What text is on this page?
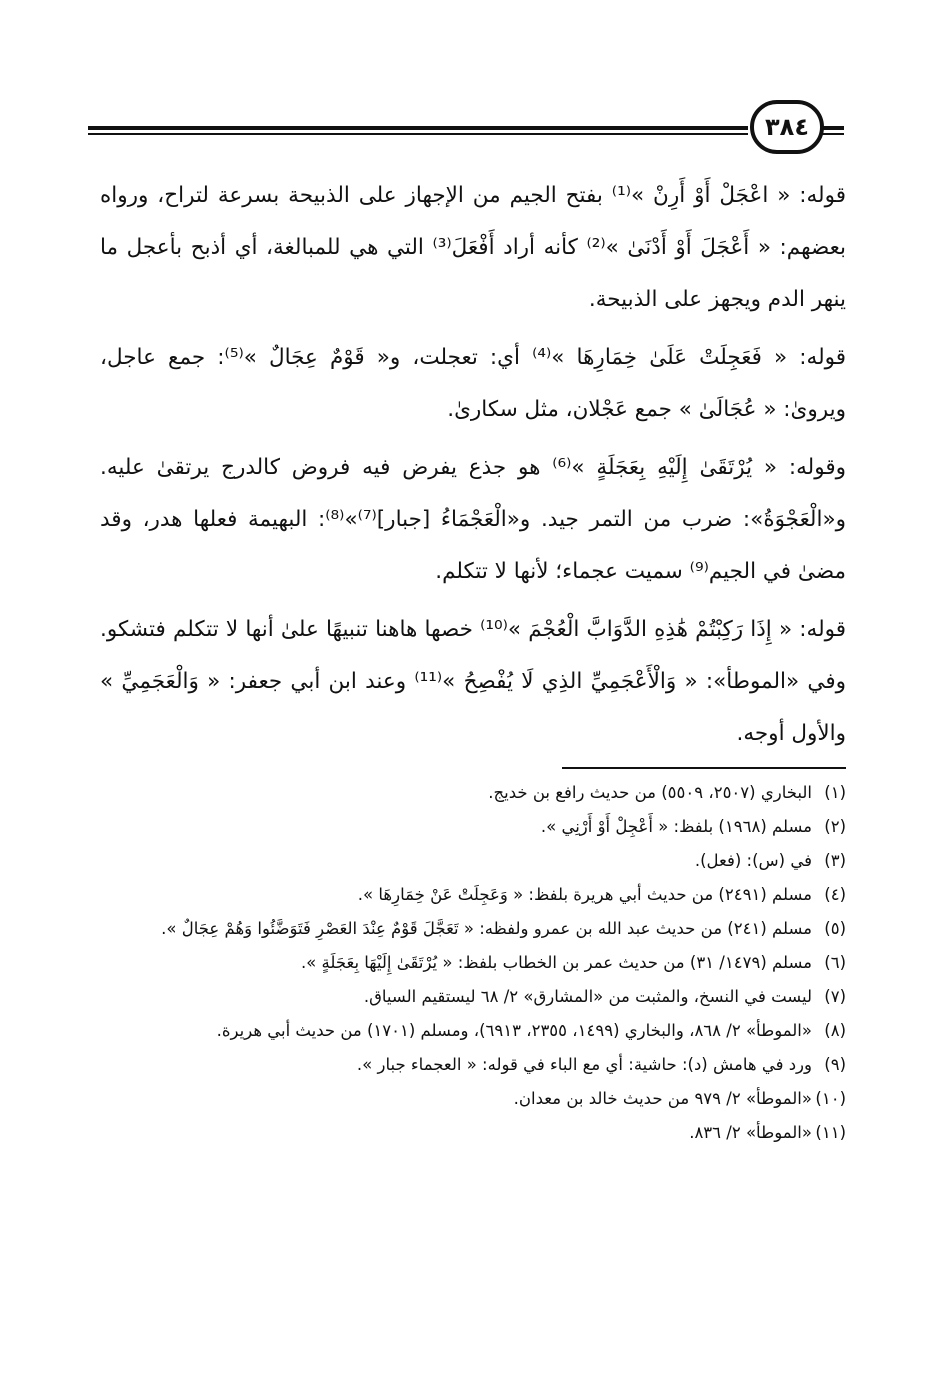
٣٨٤

قوله: « اعْجَلْ أَوْ أَرِنْ »⁽¹⁾ بفتح الجيم من الإجهاز على الذبيحة بسرعة لتراح، ورواه بعضهم: « أَعْجَلَ أَوْ أَدْنَىٰ »⁽²⁾ كأنه أراد أَفْعَلَ⁽³⁾ التي هي للمبالغة، أي أذبح بأعجل ما ينهر الدم ويجهز على الذبيحة.

قوله: « فَعَجِلَتْ عَلَىٰ خِمَارِهَا »⁽⁴⁾ أي: تعجلت، و« قَوْمٌ عِجَالٌ »⁽⁵⁾: جمع عاجل، ويروىٰ: « عُجَالَىٰ » جمع عَجْلان، مثل سكارىٰ.

وقوله: « يُرْتَقَىٰ إِلَيْهِ بِعَجَلَةٍ »⁽⁶⁾ هو جذع يفرض فيه فروض كالدرج يرتقىٰ عليه. و«الْعَجْوَةُ»: ضرب من التمر جيد. و«الْعَجْمَاءُ [جبار]⁽⁷⁾»⁽⁸⁾: البهيمة فعلها هدر، وقد مضىٰ في الجيم⁽⁹⁾ سميت عجماء؛ لأنها لا تتكلم.

قوله: « إِذَا رَكِبْتُمْ هَٰذِهِ الدَّوَابَّ الْعُجْمَ »⁽¹⁰⁾ خصها هاهنا تنبيهًا علىٰ أنها لا تتكلم فتشكو. وفي «الموطأ»: « وَالْأَعْجَمِيِّ الذِي لَا يُفْصِحُ »⁽¹¹⁾ وعند ابن أبي جعفر: « وَالْعَجَمِيِّ » والأول أوجه.

(١)
البخاري (٢٥٠٧، ٥٥٠٩) من حديث رافع بن خديج.
(٢)
مسلم (١٩٦٨) بلفظ: « أَعْجِلْ أَوْ أَرْنِي ».
(٣)
في (س): (فعل).
(٤)
مسلم (٢٤٩١) من حديث أبي هريرة بلفظ: « وَعَجِلَتْ عَنْ خِمَارِهَا ».
(٥)
مسلم (٢٤١) من حديث عبد الله بن عمرو ولفظه: « تَعَجَّلَ قَوْمٌ عِنْدَ العَصْرِ فَتَوَضَّئُوا وَهُمْ عِجَالٌ ».
(٦)
مسلم (١٤٧٩/ ٣١) من حديث عمر بن الخطاب بلفظ: « يُرْتَقَىٰ إِلَيْهَا بِعَجَلَةٍ ».
(٧)
ليست في النسخ، والمثبت من «المشارق» ٢/ ٦٨ ليستقيم السياق.
(٨)
«الموطأ» ٢/ ٨٦٨، والبخاري (١٤٩٩، ٢٣٥٥، ٦٩١٣)، ومسلم (١٧٠١) من حديث أبي هريرة.
(٩)
ورد في هامش (د): حاشية: أي مع الباء في قوله: « العجماء جبار ».
(١٠)
«الموطأ» ٢/ ٩٧٩ من حديث خالد بن معدان.
(١١)
«الموطأ» ٢/ ٨٣٦.
